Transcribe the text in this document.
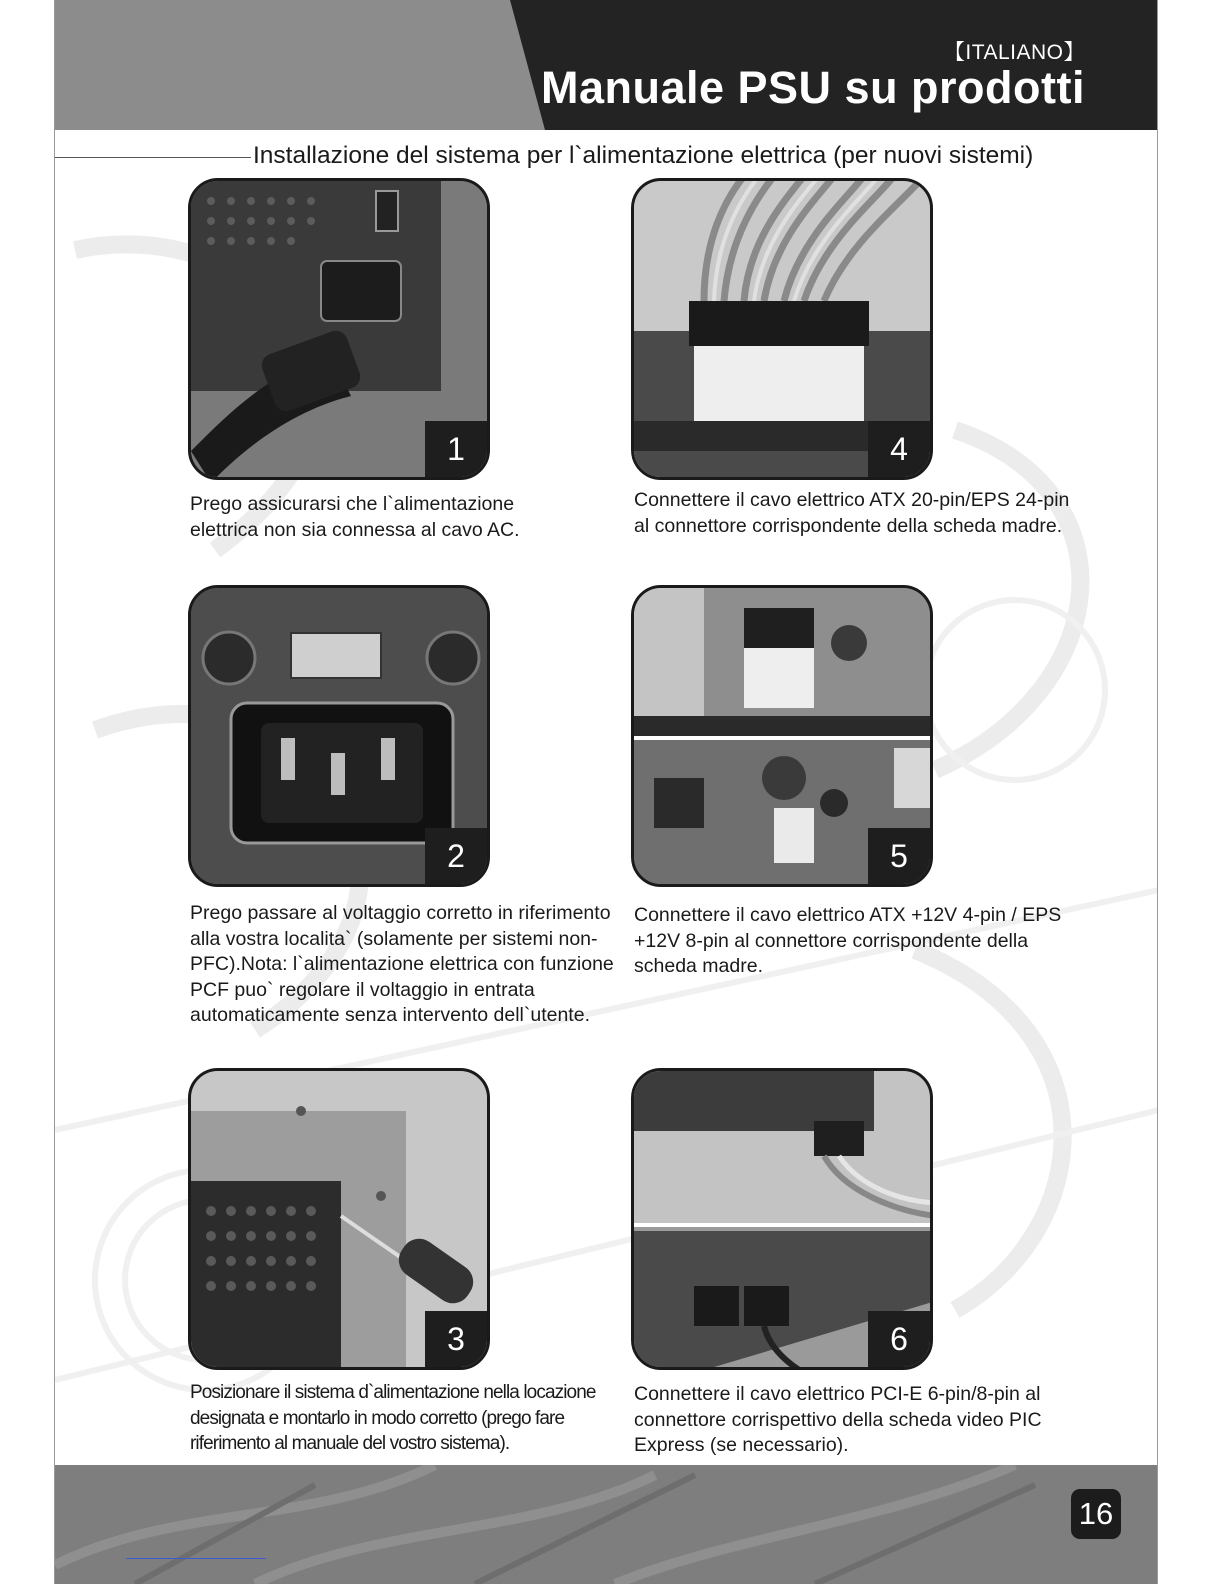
【ITALIANO】
Manuale PSU su prodotti
Installazione del sistema per l`alimentazione elettrica (per nuovi sistemi)
1
Prego assicurarsi che l`alimentazione elettrica non sia connessa al cavo AC.
4
Connettere il cavo elettrico ATX 20-pin/EPS 24-pin al connettore corrispondente della scheda madre.
2
Prego passare al voltaggio corretto in riferimento alla vostra localita` (solamente per sistemi non-PFC).Nota: l`alimentazione elettrica con funzione PCF puo` regolare il voltaggio in entrata automaticamente senza intervento dell`utente.
5
Connettere il cavo elettrico ATX +12V 4-pin / EPS +12V 8-pin al connettore corrispondente della scheda madre.
3
Posizionare il sistema d`alimentazione nella locazione designata e montarlo in modo corretto (prego fare riferimento al manuale del vostro sistema).
6
Connettere il cavo elettrico PCI-E 6-pin/8-pin al connettore corrispettivo della scheda video PIC Express (se necessario).
16
